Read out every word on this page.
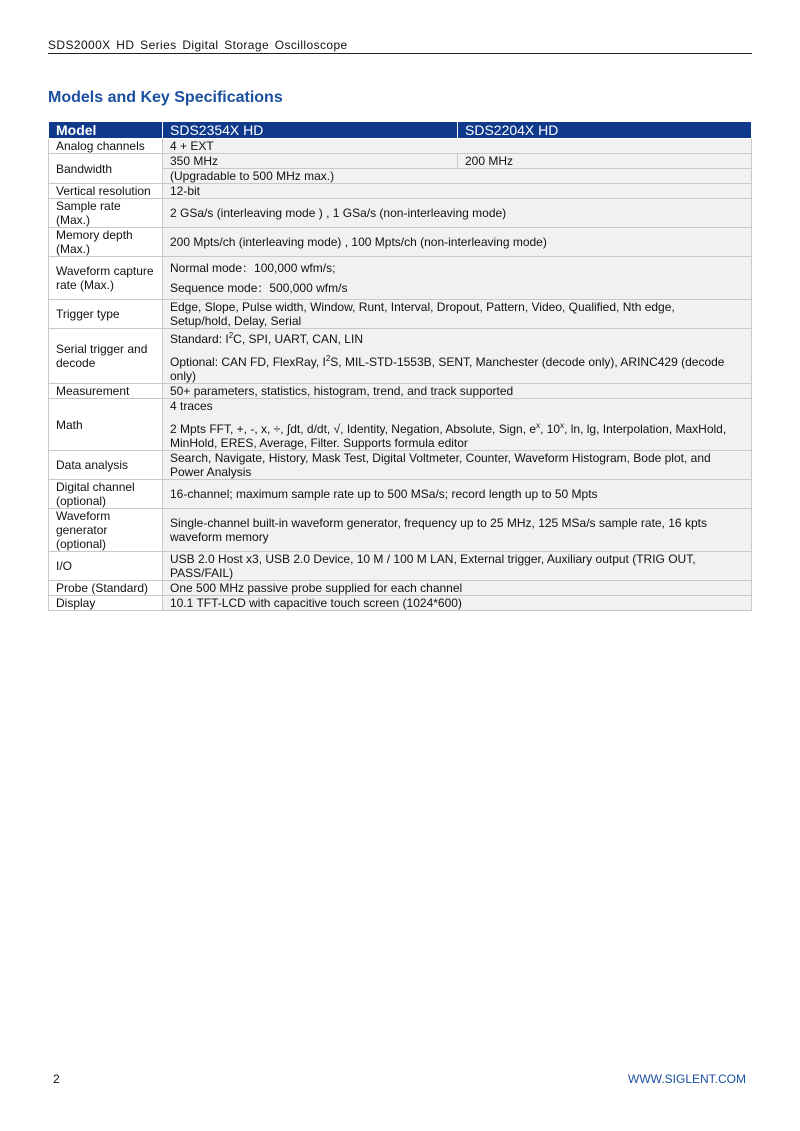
SDS2000X HD Series Digital Storage Oscilloscope
Models and Key Specifications
Model	SDS2354X HD	SDS2204X HD
Analog channels	4 + EXT	
Bandwidth	350 MHz	200 MHz
	(Upgradable to 500 MHz max.)	
Vertical resolution	12-bit	
Sample rate
(Max.)	2 GSa/s (interleaving mode ) , 1 GSa/s (non-interleaving mode)	
Memory depth
(Max.)	200 Mpts/ch (interleaving mode) , 100 Mpts/ch (non-interleaving mode)	
Waveform capture
rate (Max.)	Normal mode：100,000 wfm/s;
Sequence mode：500,000 wfm/s	
Trigger type	Edge, Slope, Pulse width, Window, Runt, Interval, Dropout, Pattern, Video, Qualified, Nth edge,
Setup/hold, Delay, Serial	
Serial trigger and
decode	Standard: $I^2C$, SPI, UART, CAN, LIN
Optional: CAN FD, FlexRay, $I^2S$, MIL-STD-1553B, SENT, Manchester (decode only), ARINC429 (decode
only)	
Measurement	50+ parameters, statistics, histogram, trend, and track supported	
Math	4 traces
2 Mpts FFT, +, -, x, ÷, ∫dt, d/dt, √, Identity, Negation, Absolute, Sign, $e^x$, 10$^x$, ln, lg, Interpolation, MaxHold,
MinHold, ERES, Average, Filter. Supports formula editor	
Data analysis	Search, Navigate, History, Mask Test, Digital Voltmeter, Counter, Waveform Histogram, Bode plot, and
Power Analysis	
Digital channel
(optional)	16-channel; maximum sample rate up to 500 MSa/s; record length up to 50 Mpts	
Waveform
generator
(optional)	Single-channel built-in waveform generator, frequency up to 25 MHz, 125 MSa/s sample rate, 16 kpts
waveform memory	
I/O	USB 2.0 Host x3, USB 2.0 Device, 10 M / 100 M LAN, External trigger, Auxiliary output (TRIG OUT,
PASS/FAIL)	
Probe (Standard)	One 500 MHz passive probe supplied for each channel	
Display	10.1 TFT-LCD with capacitive touch screen (1024*600)	
2	WWW.SIGLENT.COM
